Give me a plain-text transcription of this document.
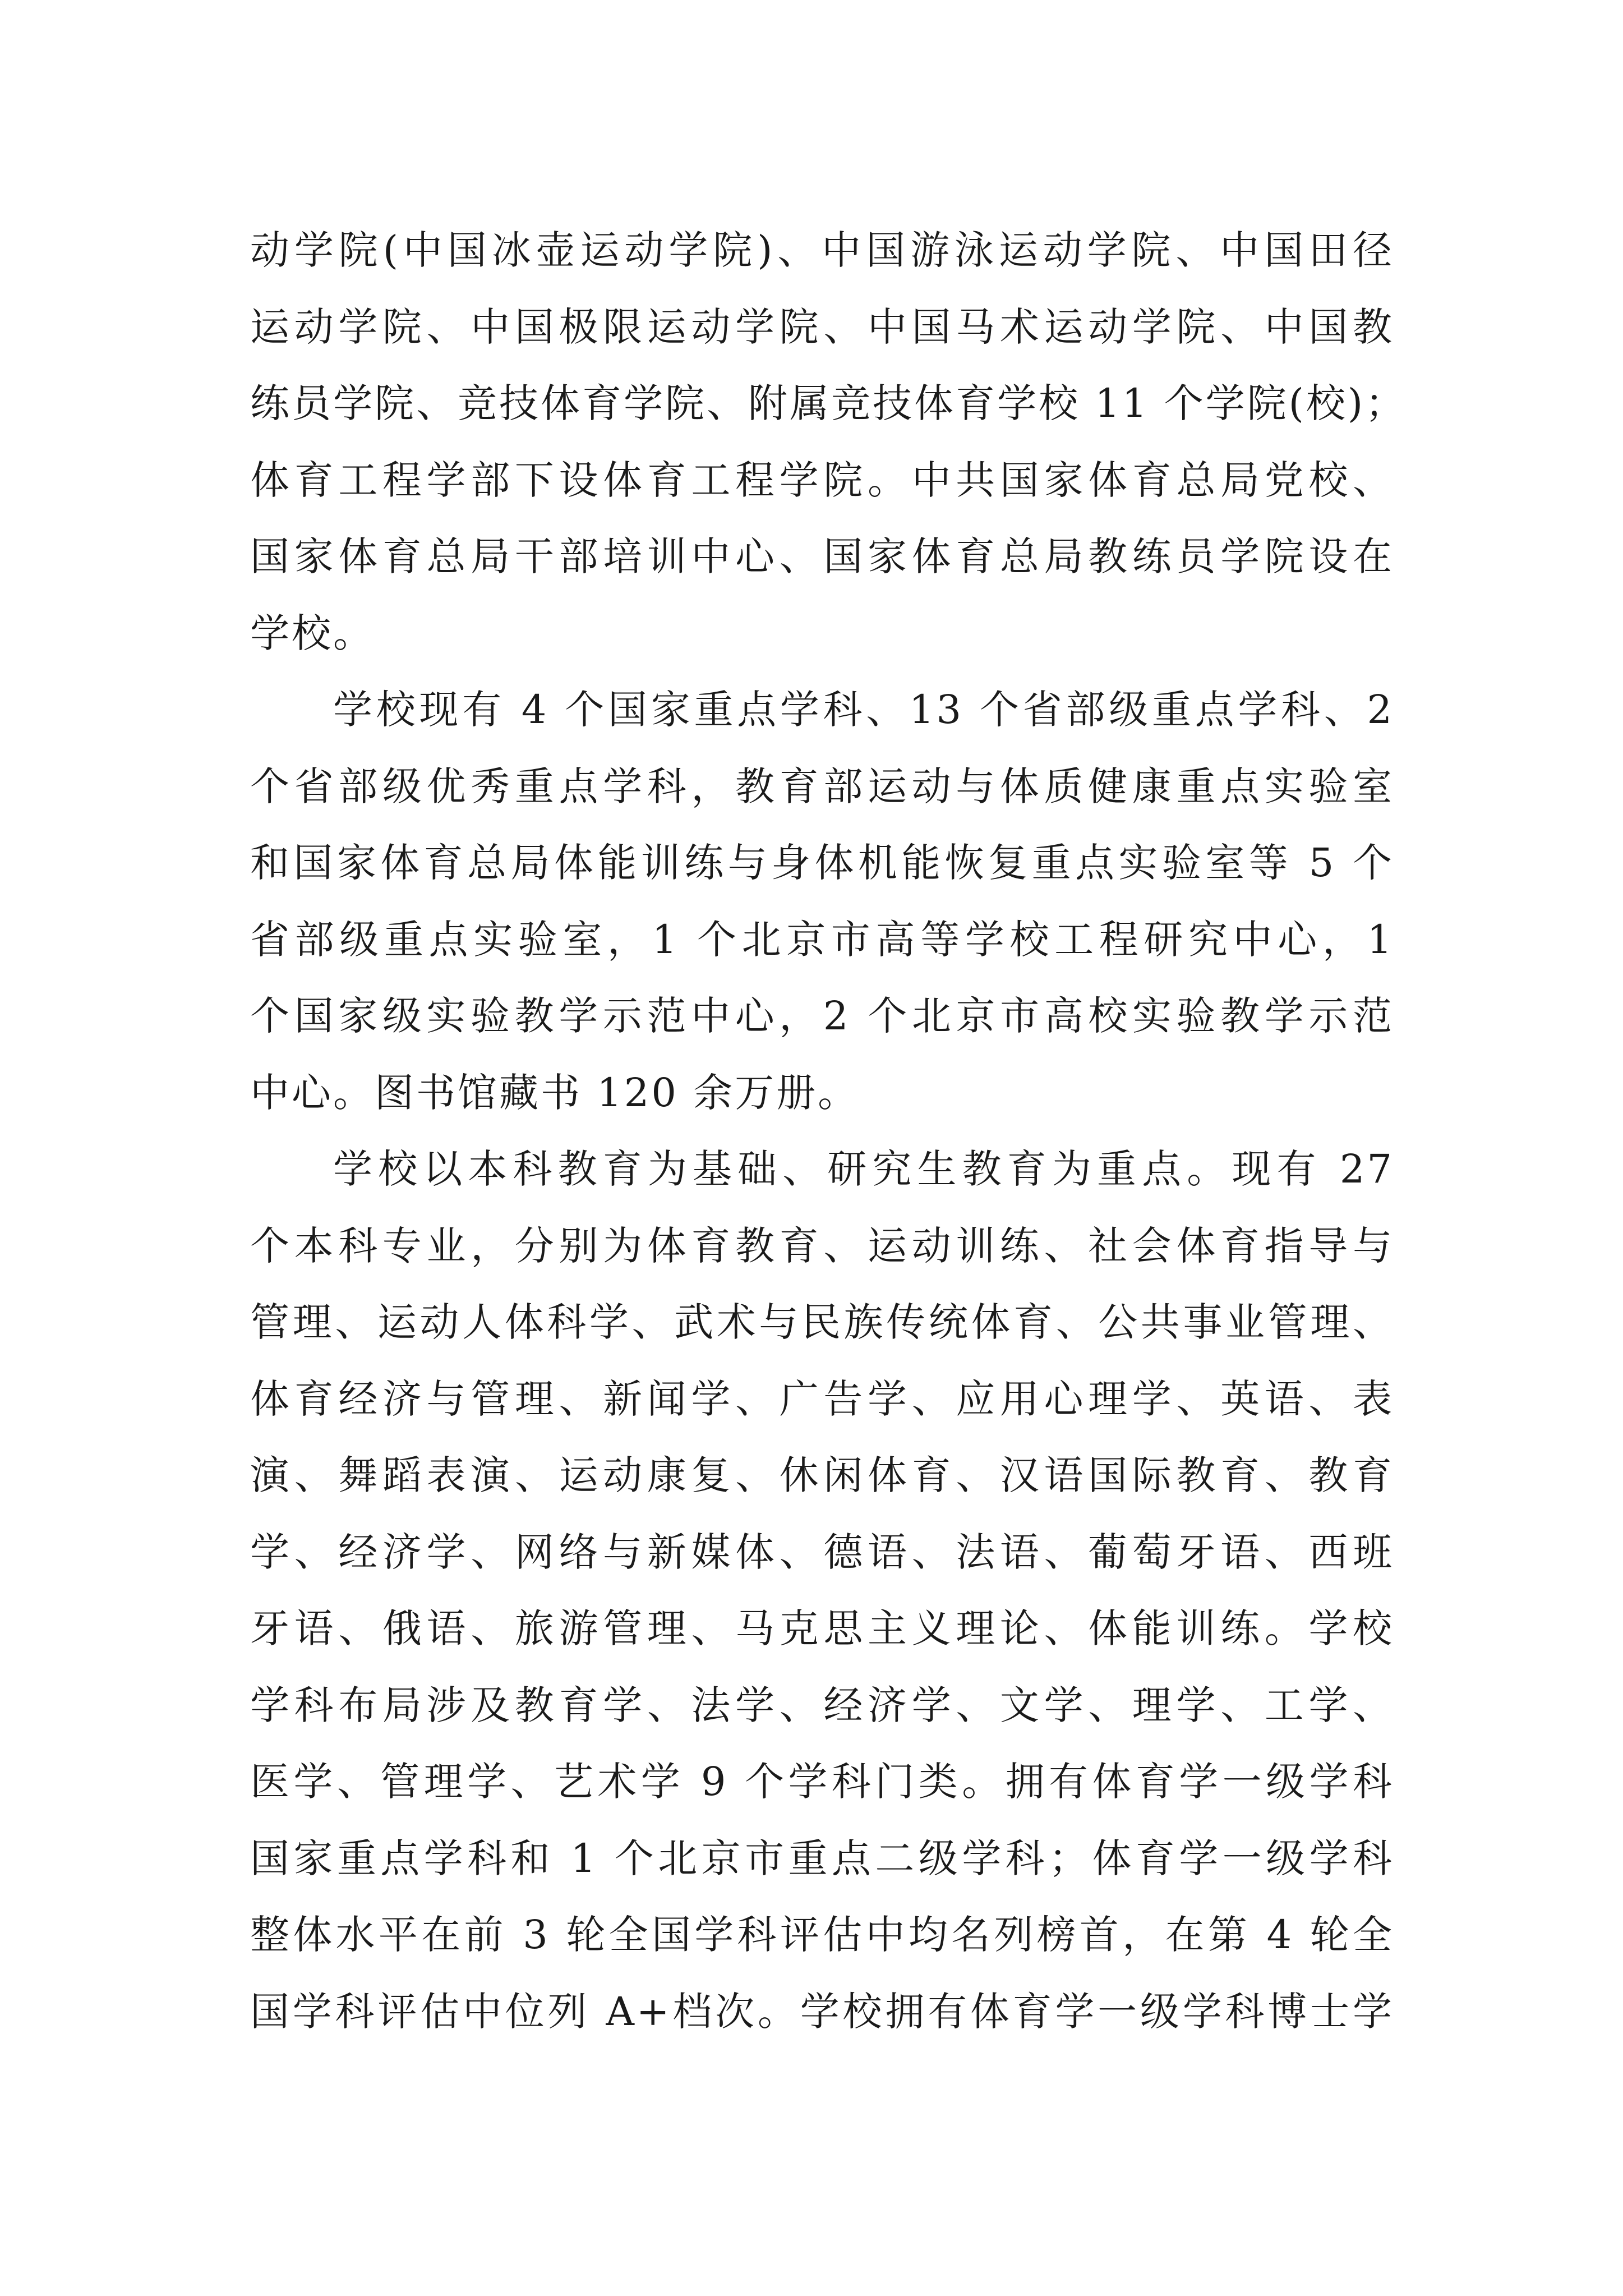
动学院(中国冰壶运动学院)、中国游泳运动学院、中国田径
运动学院、中国极限运动学院、中国马术运动学院、中国教
练员学院、竞技体育学院、附属竞技体育学校 11 个学院(校)；
体育工程学部下设体育工程学院。中共国家体育总局党校、
国家体育总局干部培训中心、国家体育总局教练员学院设在
学校。
学校现有 4 个国家重点学科、13 个省部级重点学科、2
个省部级优秀重点学科，教育部运动与体质健康重点实验室
和国家体育总局体能训练与身体机能恢复重点实验室等 5 个
省部级重点实验室，1 个北京市高等学校工程研究中心，1
个国家级实验教学示范中心，2 个北京市高校实验教学示范
中心。图书馆藏书 120 余万册。
学校以本科教育为基础、研究生教育为重点。现有 27
个本科专业，分别为体育教育、运动训练、社会体育指导与
管理、运动人体科学、武术与民族传统体育、公共事业管理、
体育经济与管理、新闻学、广告学、应用心理学、英语、表
演、舞蹈表演、运动康复、休闲体育、汉语国际教育、教育
学、经济学、网络与新媒体、德语、法语、葡萄牙语、西班
牙语、俄语、旅游管理、马克思主义理论、体能训练。学校
学科布局涉及教育学、法学、经济学、文学、理学、工学、
医学、管理学、艺术学 9 个学科门类。拥有体育学一级学科
国家重点学科和 1 个北京市重点二级学科；体育学一级学科
整体水平在前 3 轮全国学科评估中均名列榜首，在第 4 轮全
国学科评估中位列 A+档次。学校拥有体育学一级学科博士学
